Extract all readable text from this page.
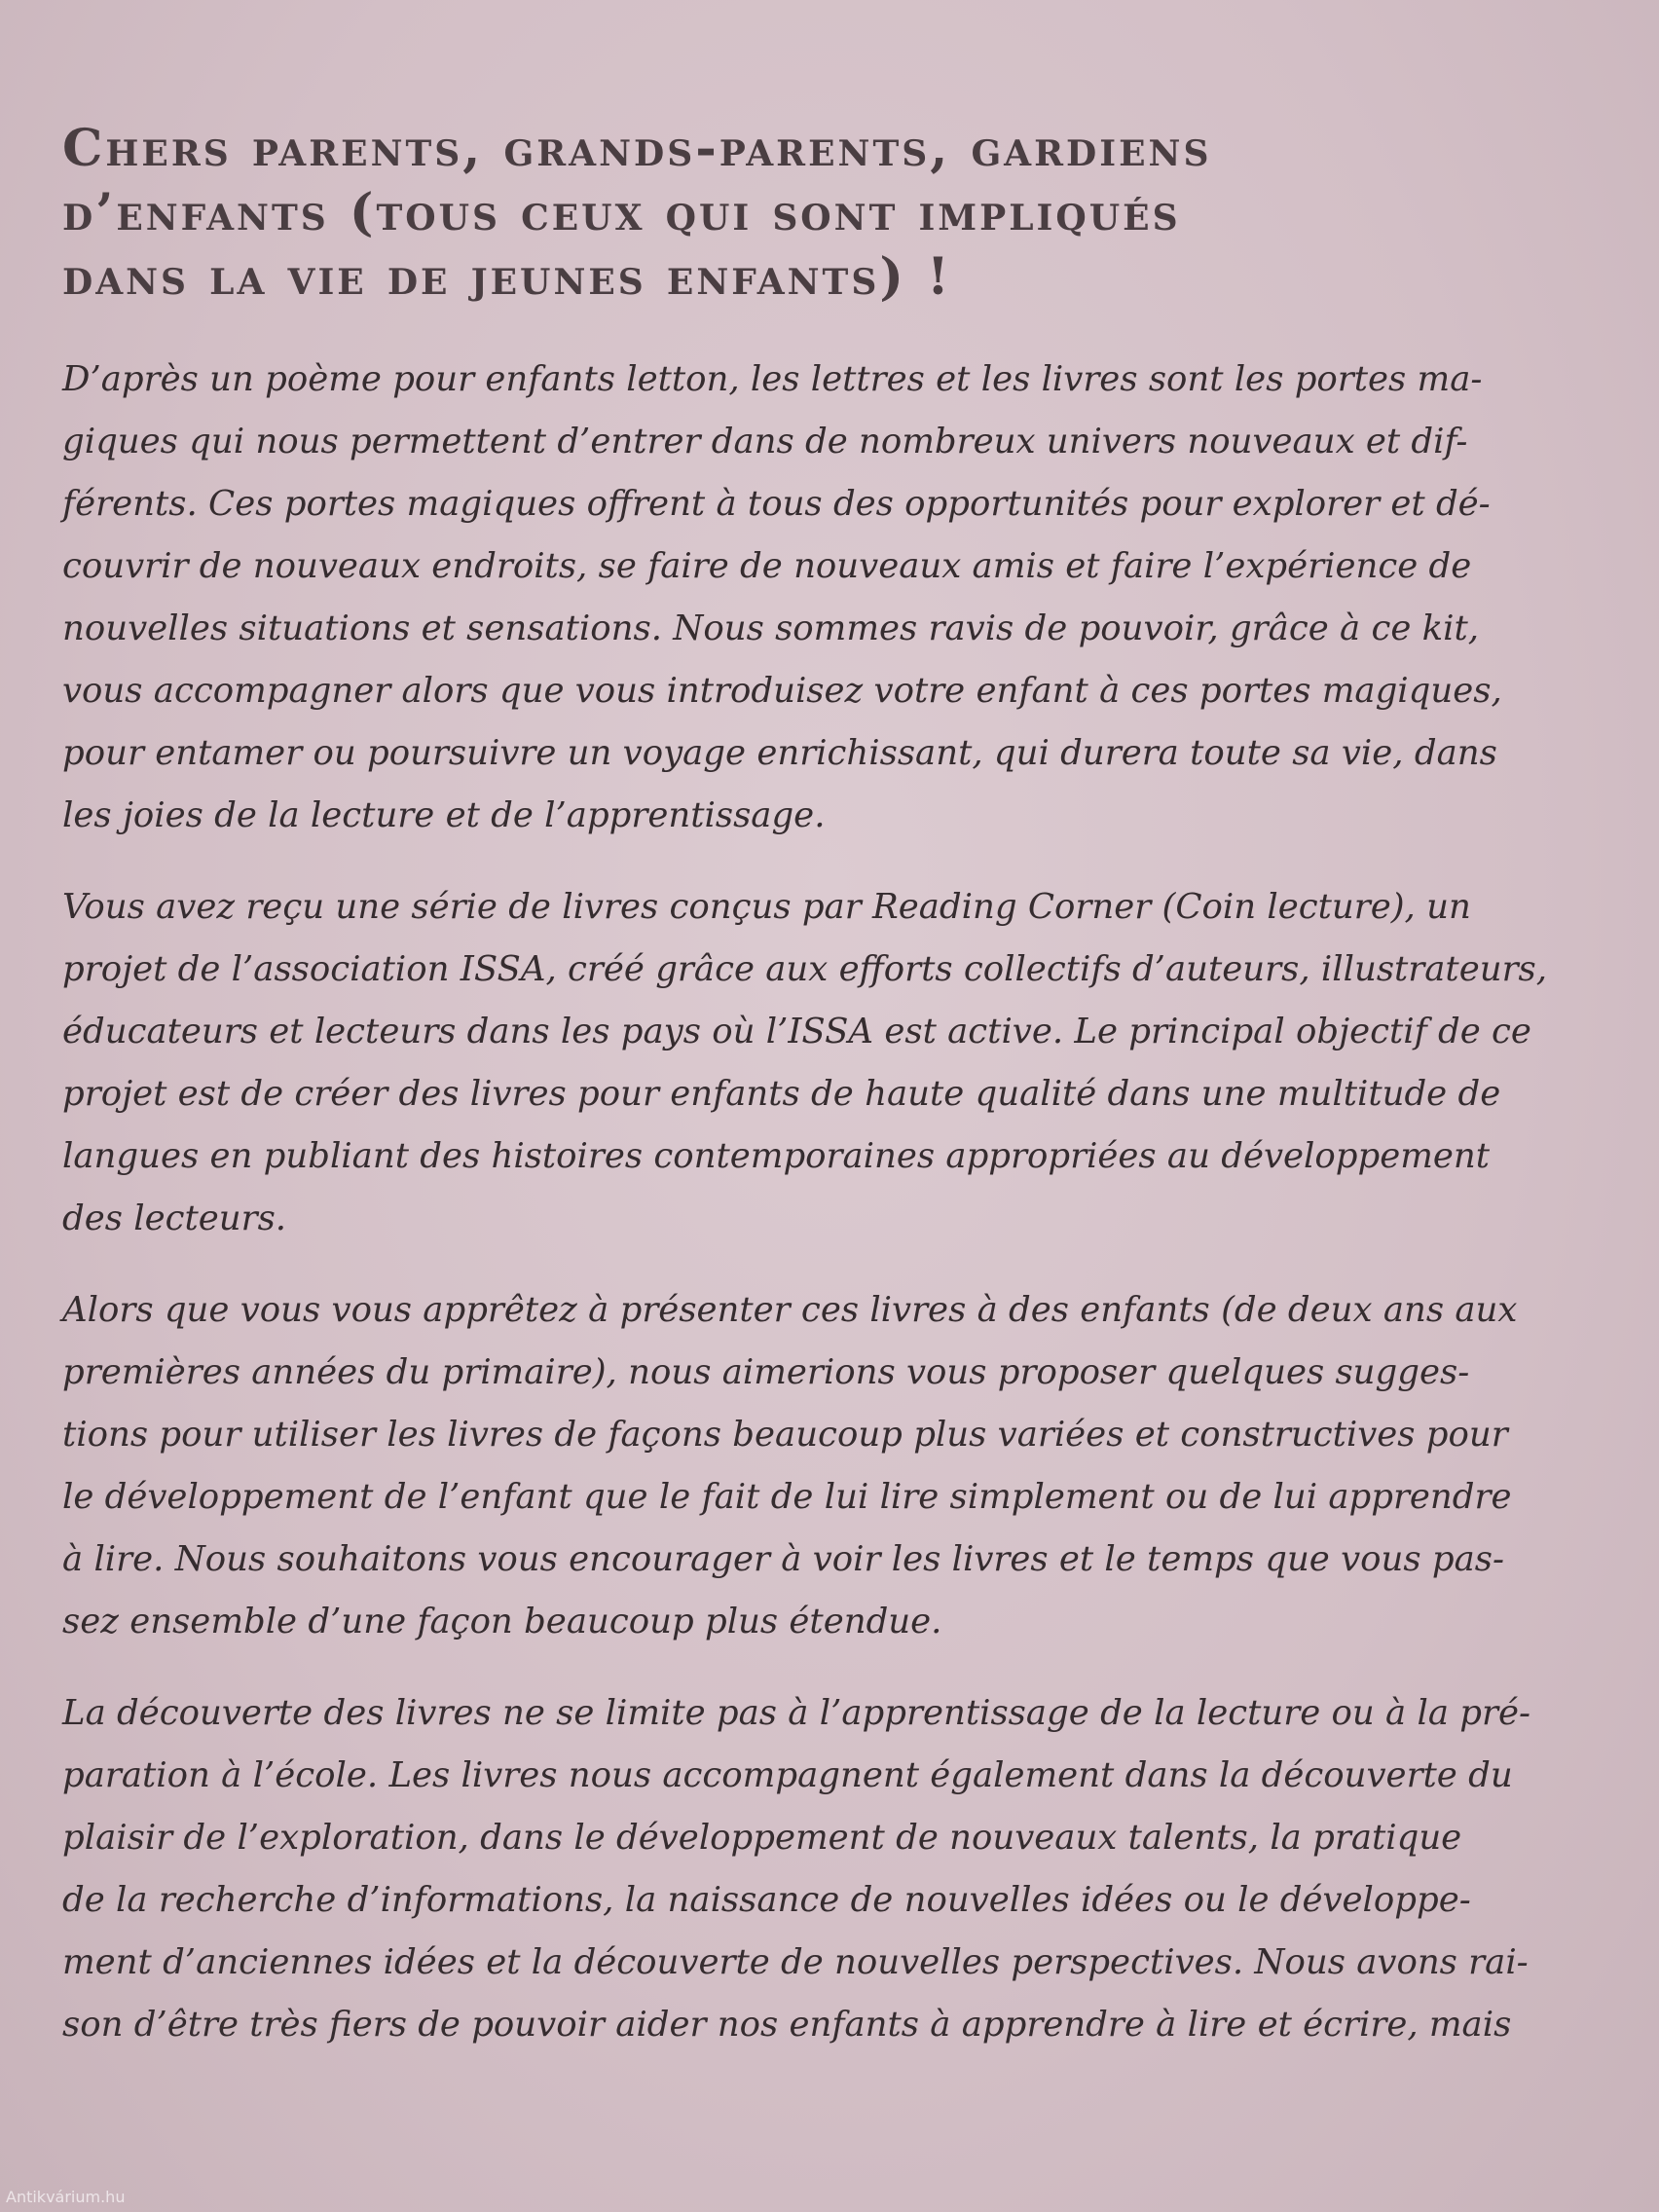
Chers parents, grands-parents, gardiens
d’enfants (tous ceux qui sont impliqués
dans la vie de jeunes enfants) !

D’après un poème pour enfants letton, les lettres et les livres sont les portes ma-
giques qui nous permettent d’entrer dans de nombreux univers nouveaux et dif-
férents. Ces portes magiques offrent à tous des opportunités pour explorer et dé-
couvrir de nouveaux endroits, se faire de nouveaux amis et faire l’expérience de
nouvelles situations et sensations. Nous sommes ravis de pouvoir, grâce à ce kit,
vous accompagner alors que vous introduisez votre enfant à ces portes magiques,
pour entamer ou poursuivre un voyage enrichissant, qui durera toute sa vie, dans
les joies de la lecture et de l’apprentissage.

Vous avez reçu une série de livres conçus par Reading Corner (Coin lecture), un
projet de l’association ISSA, créé grâce aux efforts collectifs d’auteurs, illustrateurs,
éducateurs et lecteurs dans les pays où l’ISSA est active. Le principal objectif de ce
projet est de créer des livres pour enfants de haute qualité dans une multitude de
langues en publiant des histoires contemporaines appropriées au développement
des lecteurs.

Alors que vous vous apprêtez à présenter ces livres à des enfants (de deux ans aux
premières années du primaire), nous aimerions vous proposer quelques sugges-
tions pour utiliser les livres de façons beaucoup plus variées et constructives pour
le développement de l’enfant que le fait de lui lire simplement ou de lui apprendre
à lire. Nous souhaitons vous encourager à voir les livres et le temps que vous pas-
sez ensemble d’une façon beaucoup plus étendue.

La découverte des livres ne se limite pas à l’apprentissage de la lecture ou à la pré-
paration à l’école. Les livres nous accompagnent également dans la découverte du
plaisir de l’exploration, dans le développement de nouveaux talents, la pratique
de la recherche d’informations, la naissance de nouvelles idées ou le développe-
ment d’anciennes idées et la découverte de nouvelles perspectives. Nous avons rai-
son d’être très fiers de pouvoir aider nos enfants à apprendre à lire et écrire, mais

Antikvárium.hu
